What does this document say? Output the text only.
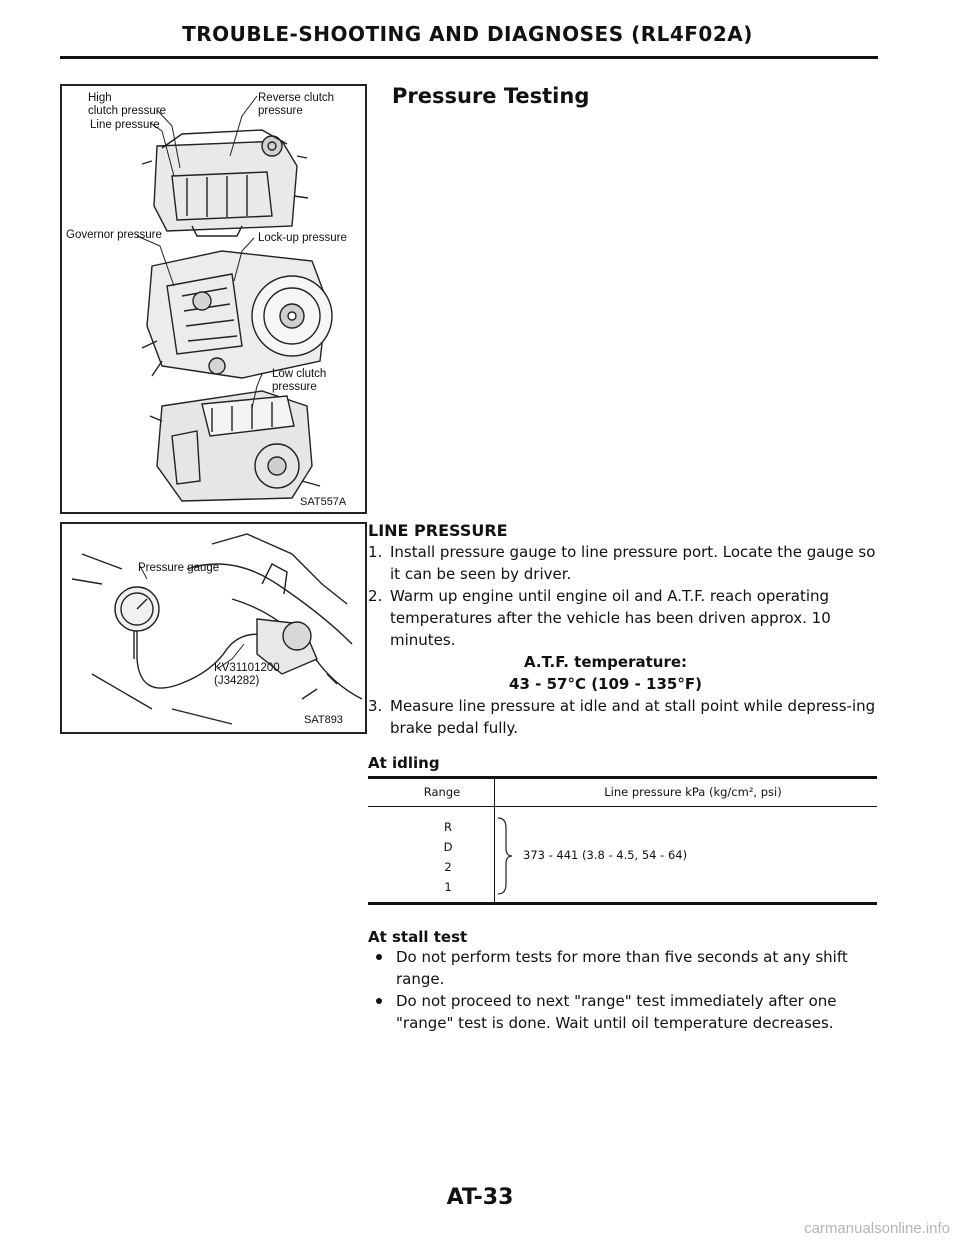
TROUBLE-SHOOTING AND DIAGNOSES (RL4F02A)
High
clutch pressure
Line pressure
Reverse clutch
pressure
Governor pressure	Lock-up pressure
Low clutch
pressure
SAT557A
Pressure gauge
KV31101200
(J34282)
SAT893
Pressure Testing
LINE PRESSURE
1. Install pressure gauge to line pressure port. Locate the gauge so it can be seen by driver.
2. Warm up engine until engine oil and A.T.F. reach operating temperatures after the vehicle has been driven approx. 10 minutes.
A.T.F. temperature:
43 - 57°C (109 - 135°F)
3. Measure line pressure at idle and at stall point while depress-ing brake pedal fully.
At idling
Range	Line pressure kPa (kg/cm², psi)
R
D
2
1
373 - 441 (3.8 - 4.5, 54 - 64)
At stall test
Do not perform tests for more than five seconds at any shift range.
Do not proceed to next "range" test immediately after one "range" test is done. Wait until oil temperature decreases.
AT-33
carmanualsonline.info
